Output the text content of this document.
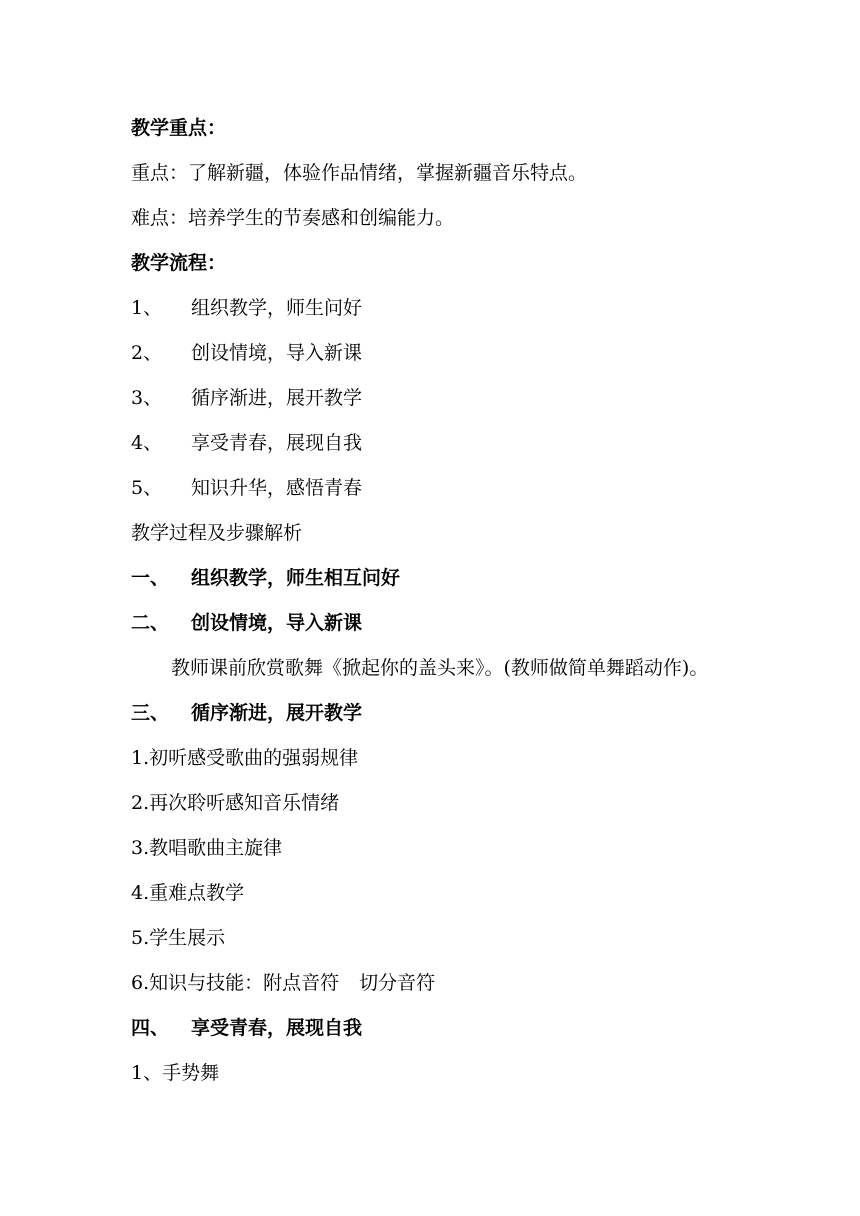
教学重点：
重点：了解新疆，体验作品情绪，掌握新疆音乐特点。
难点：培养学生的节奏感和创编能力。
教学流程：
1、 组织教学，师生问好
2、 创设情境，导入新课
3、 循序渐进，展开教学
4、 享受青春，展现自我
5、 知识升华，感悟青春
教学过程及步骤解析
一、 组织教学，师生相互问好
二、 创设情境，导入新课
教师课前欣赏歌舞《掀起你的盖头来》。(教师做简单舞蹈动作)。
三、 循序渐进，展开教学
1.初听感受歌曲的强弱规律
2.再次聆听感知音乐情绪
3.教唱歌曲主旋律
4.重难点教学
5.学生展示
6.知识与技能：附点音符 切分音符
四、 享受青春，展现自我
1、手势舞
